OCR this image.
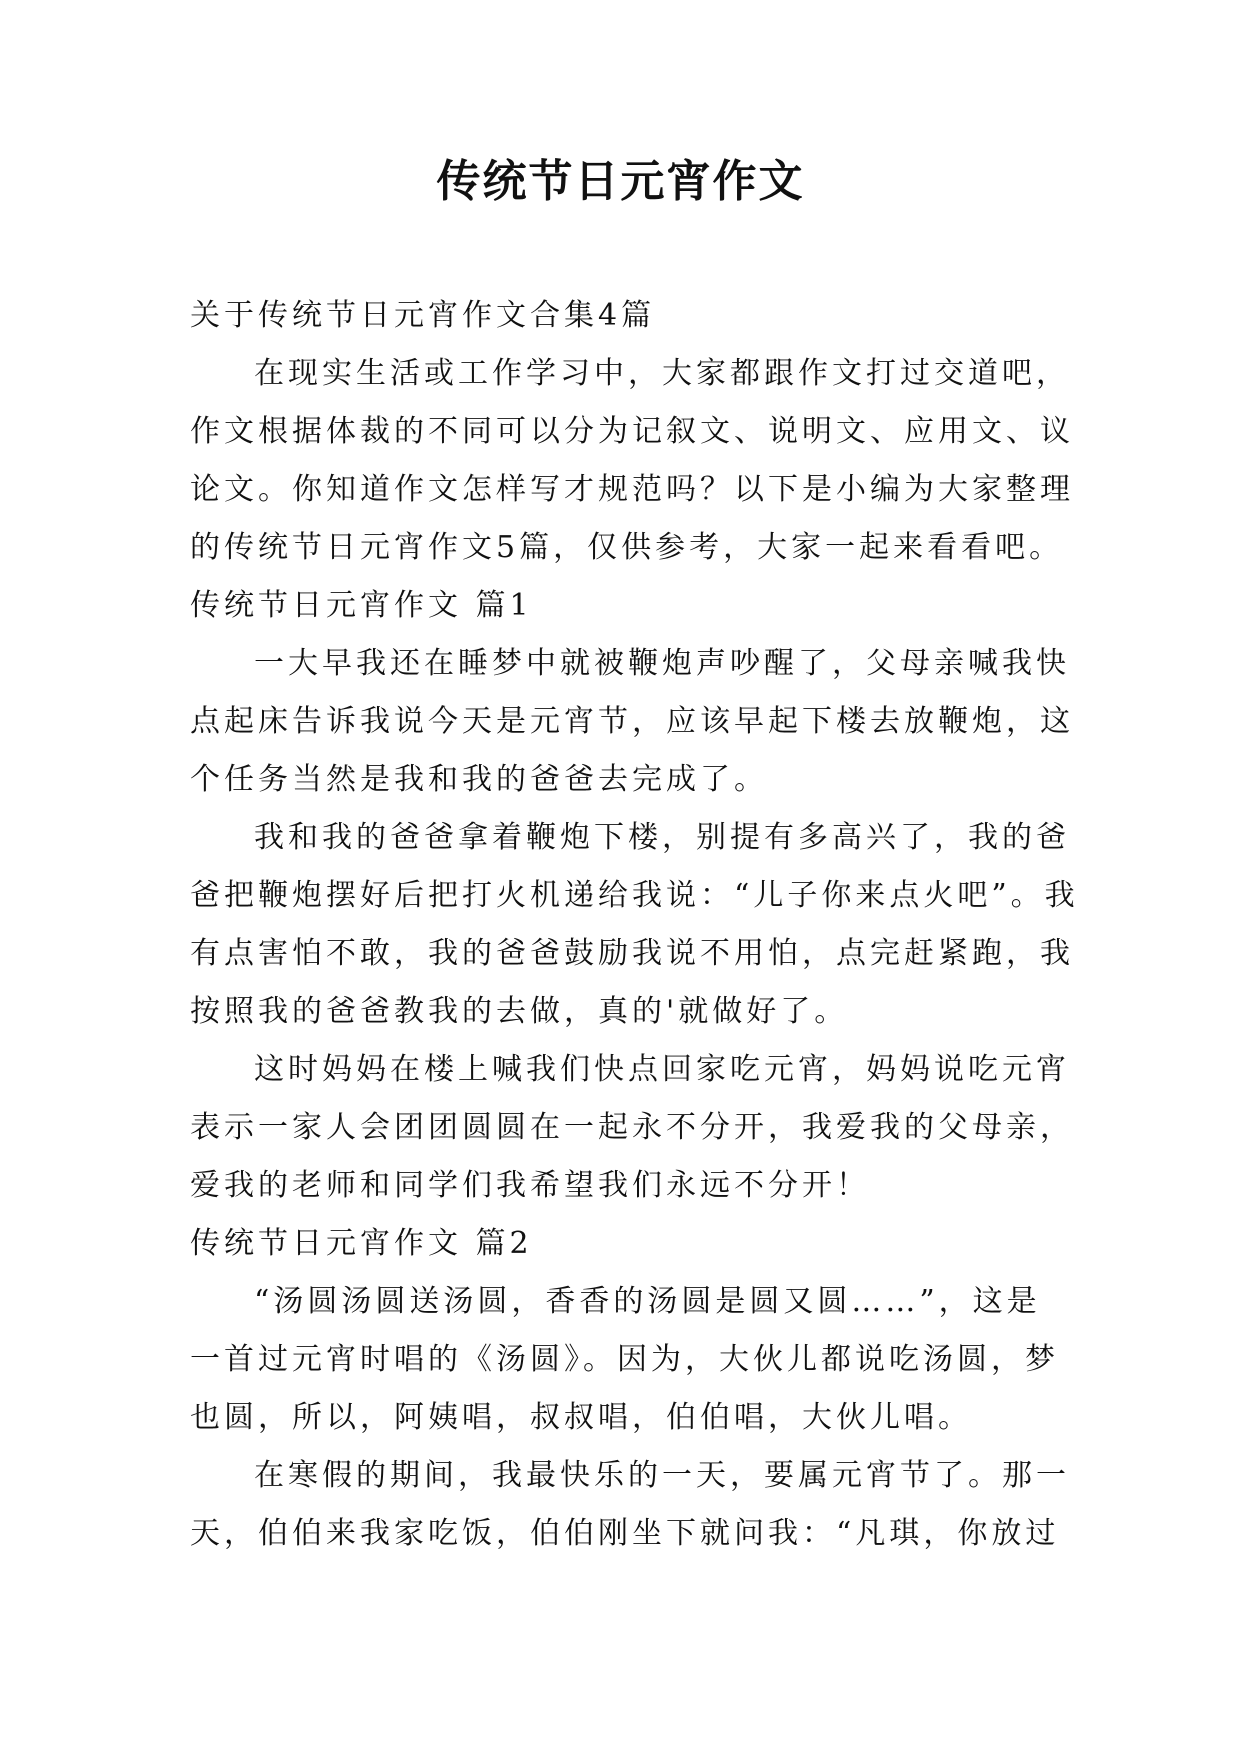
传统节日元宵作文

关于传统节日元宵作文合集4篇

在现实生活或工作学习中，大家都跟作文打过交道吧，

作文根据体裁的不同可以分为记叙文、说明文、应用文、议

论文。你知道作文怎样写才规范吗？以下是小编为大家整理

的传统节日元宵作文5篇，仅供参考，大家一起来看看吧。

传统节日元宵作文 篇1

一大早我还在睡梦中就被鞭炮声吵醒了，父母亲喊我快

点起床告诉我说今天是元宵节，应该早起下楼去放鞭炮，这

个任务当然是我和我的爸爸去完成了。

我和我的爸爸拿着鞭炮下楼，别提有多高兴了，我的爸

爸把鞭炮摆好后把打火机递给我说：“儿子你来点火吧”。我

有点害怕不敢，我的爸爸鼓励我说不用怕，点完赶紧跑，我

按照我的爸爸教我的去做，真的'就做好了。

这时妈妈在楼上喊我们快点回家吃元宵，妈妈说吃元宵

表示一家人会团团圆圆在一起永不分开，我爱我的父母亲，

爱我的老师和同学们我希望我们永远不分开！

传统节日元宵作文 篇2

“汤圆汤圆送汤圆，香香的汤圆是圆又圆……”，这是

一首过元宵时唱的《汤圆》。因为，大伙儿都说吃汤圆，梦

也圆，所以，阿姨唱，叔叔唱，伯伯唱，大伙儿唱。

在寒假的期间，我最快乐的一天，要属元宵节了。那一

天，伯伯来我家吃饭，伯伯刚坐下就问我：“凡琪，你放过
